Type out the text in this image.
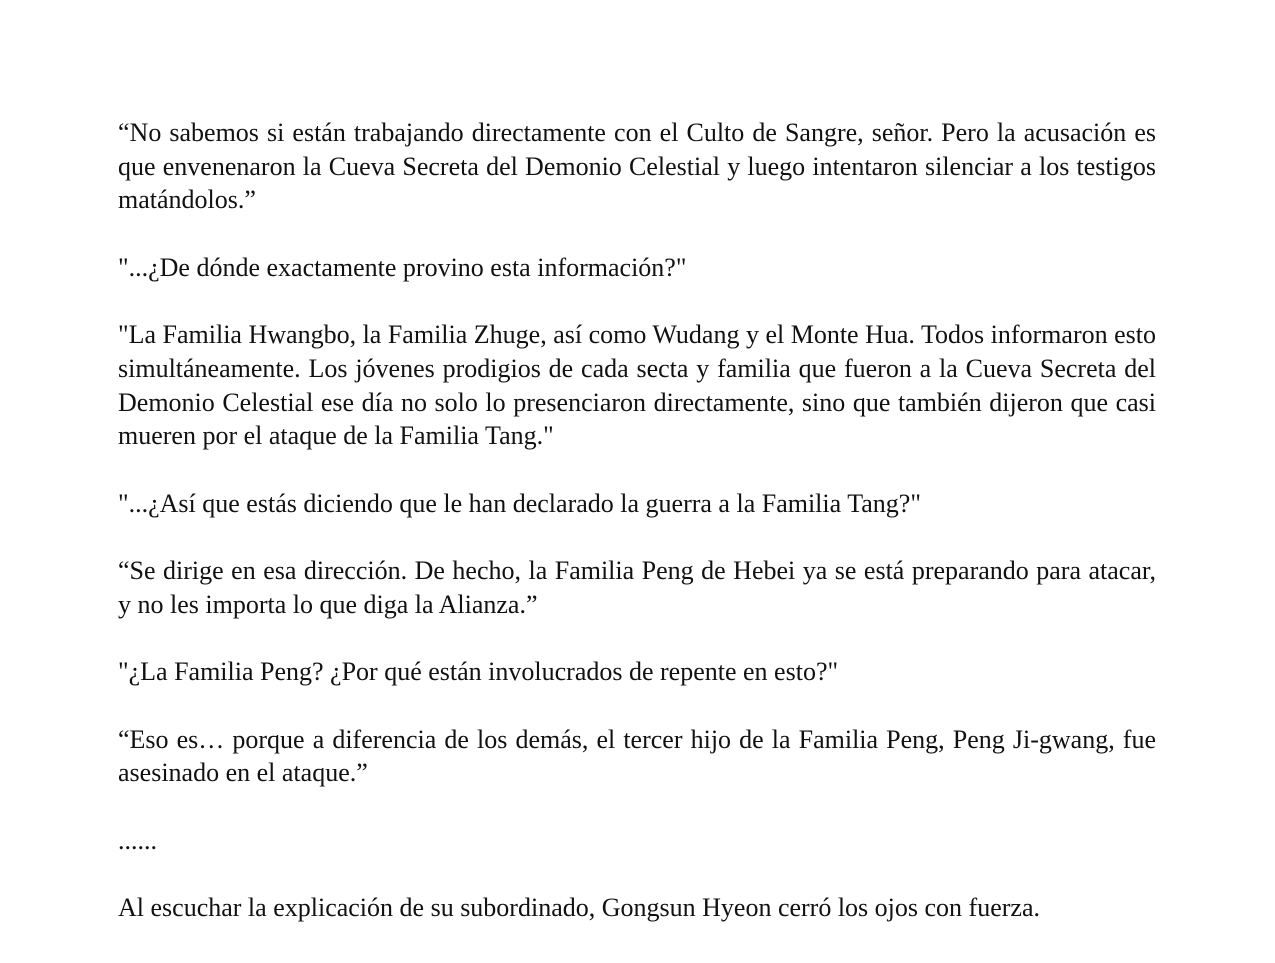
“No sabemos si están trabajando directamente con el Culto de Sangre, señor. Pero la acusación es que envenenaron la Cueva Secreta del Demonio Celestial y luego intentaron silenciar a los testigos matándolos.”

"...¿De dónde exactamente provino esta información?"

"La Familia Hwangbo, la Familia Zhuge, así como Wudang y el Monte Hua. Todos informaron esto simultáneamente. Los jóvenes prodigios de cada secta y familia que fueron a la Cueva Secreta del Demonio Celestial ese día no solo lo presenciaron directamente, sino que también dijeron que casi mueren por el ataque de la Familia Tang."

"...¿Así que estás diciendo que le han declarado la guerra a la Familia Tang?"

“Se dirige en esa dirección. De hecho, la Familia Peng de Hebei ya se está preparando para atacar, y no les importa lo que diga la Alianza.”

"¿La Familia Peng? ¿Por qué están involucrados de repente en esto?"

“Eso es… porque a diferencia de los demás, el tercer hijo de la Familia Peng, Peng Ji-gwang, fue asesinado en el ataque.”

......

Al escuchar la explicación de su subordinado, Gongsun Hyeon cerró los ojos con fuerza.
